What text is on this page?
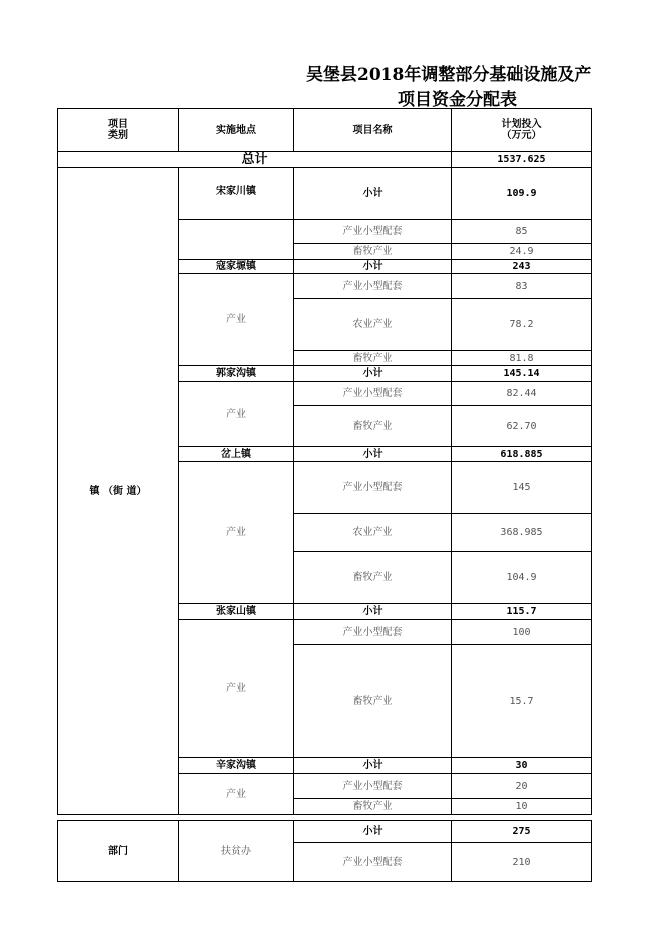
吴堡县2018年调整部分基础设施及产
项目资金分配表
项目
类别	实施地点	项目名称	计划投入
（万元）

总计			1537.625
镇 （街 道）	宋家川镇	小计	109.9
		产业小型配套	85
		畜牧产业	24.9
	寇家塬镇	小计	243
	产业	产业小型配套	83
		农业产业	78.2
		畜牧产业	81.8
	郭家沟镇	小计	145.14
	产业	产业小型配套	82.44
		畜牧产业	62.70
	岔上镇	小计	618.885
	产业	产业小型配套	145
		农业产业	368.985
		畜牧产业	104.9
	张家山镇	小计	115.7
	产业	产业小型配套	100
		畜牧产业	15.7
	辛家沟镇	小计	30
	产业	产业小型配套	20
		畜牧产业	10
部门	扶贫办	小计	275
		产业小型配套	210
